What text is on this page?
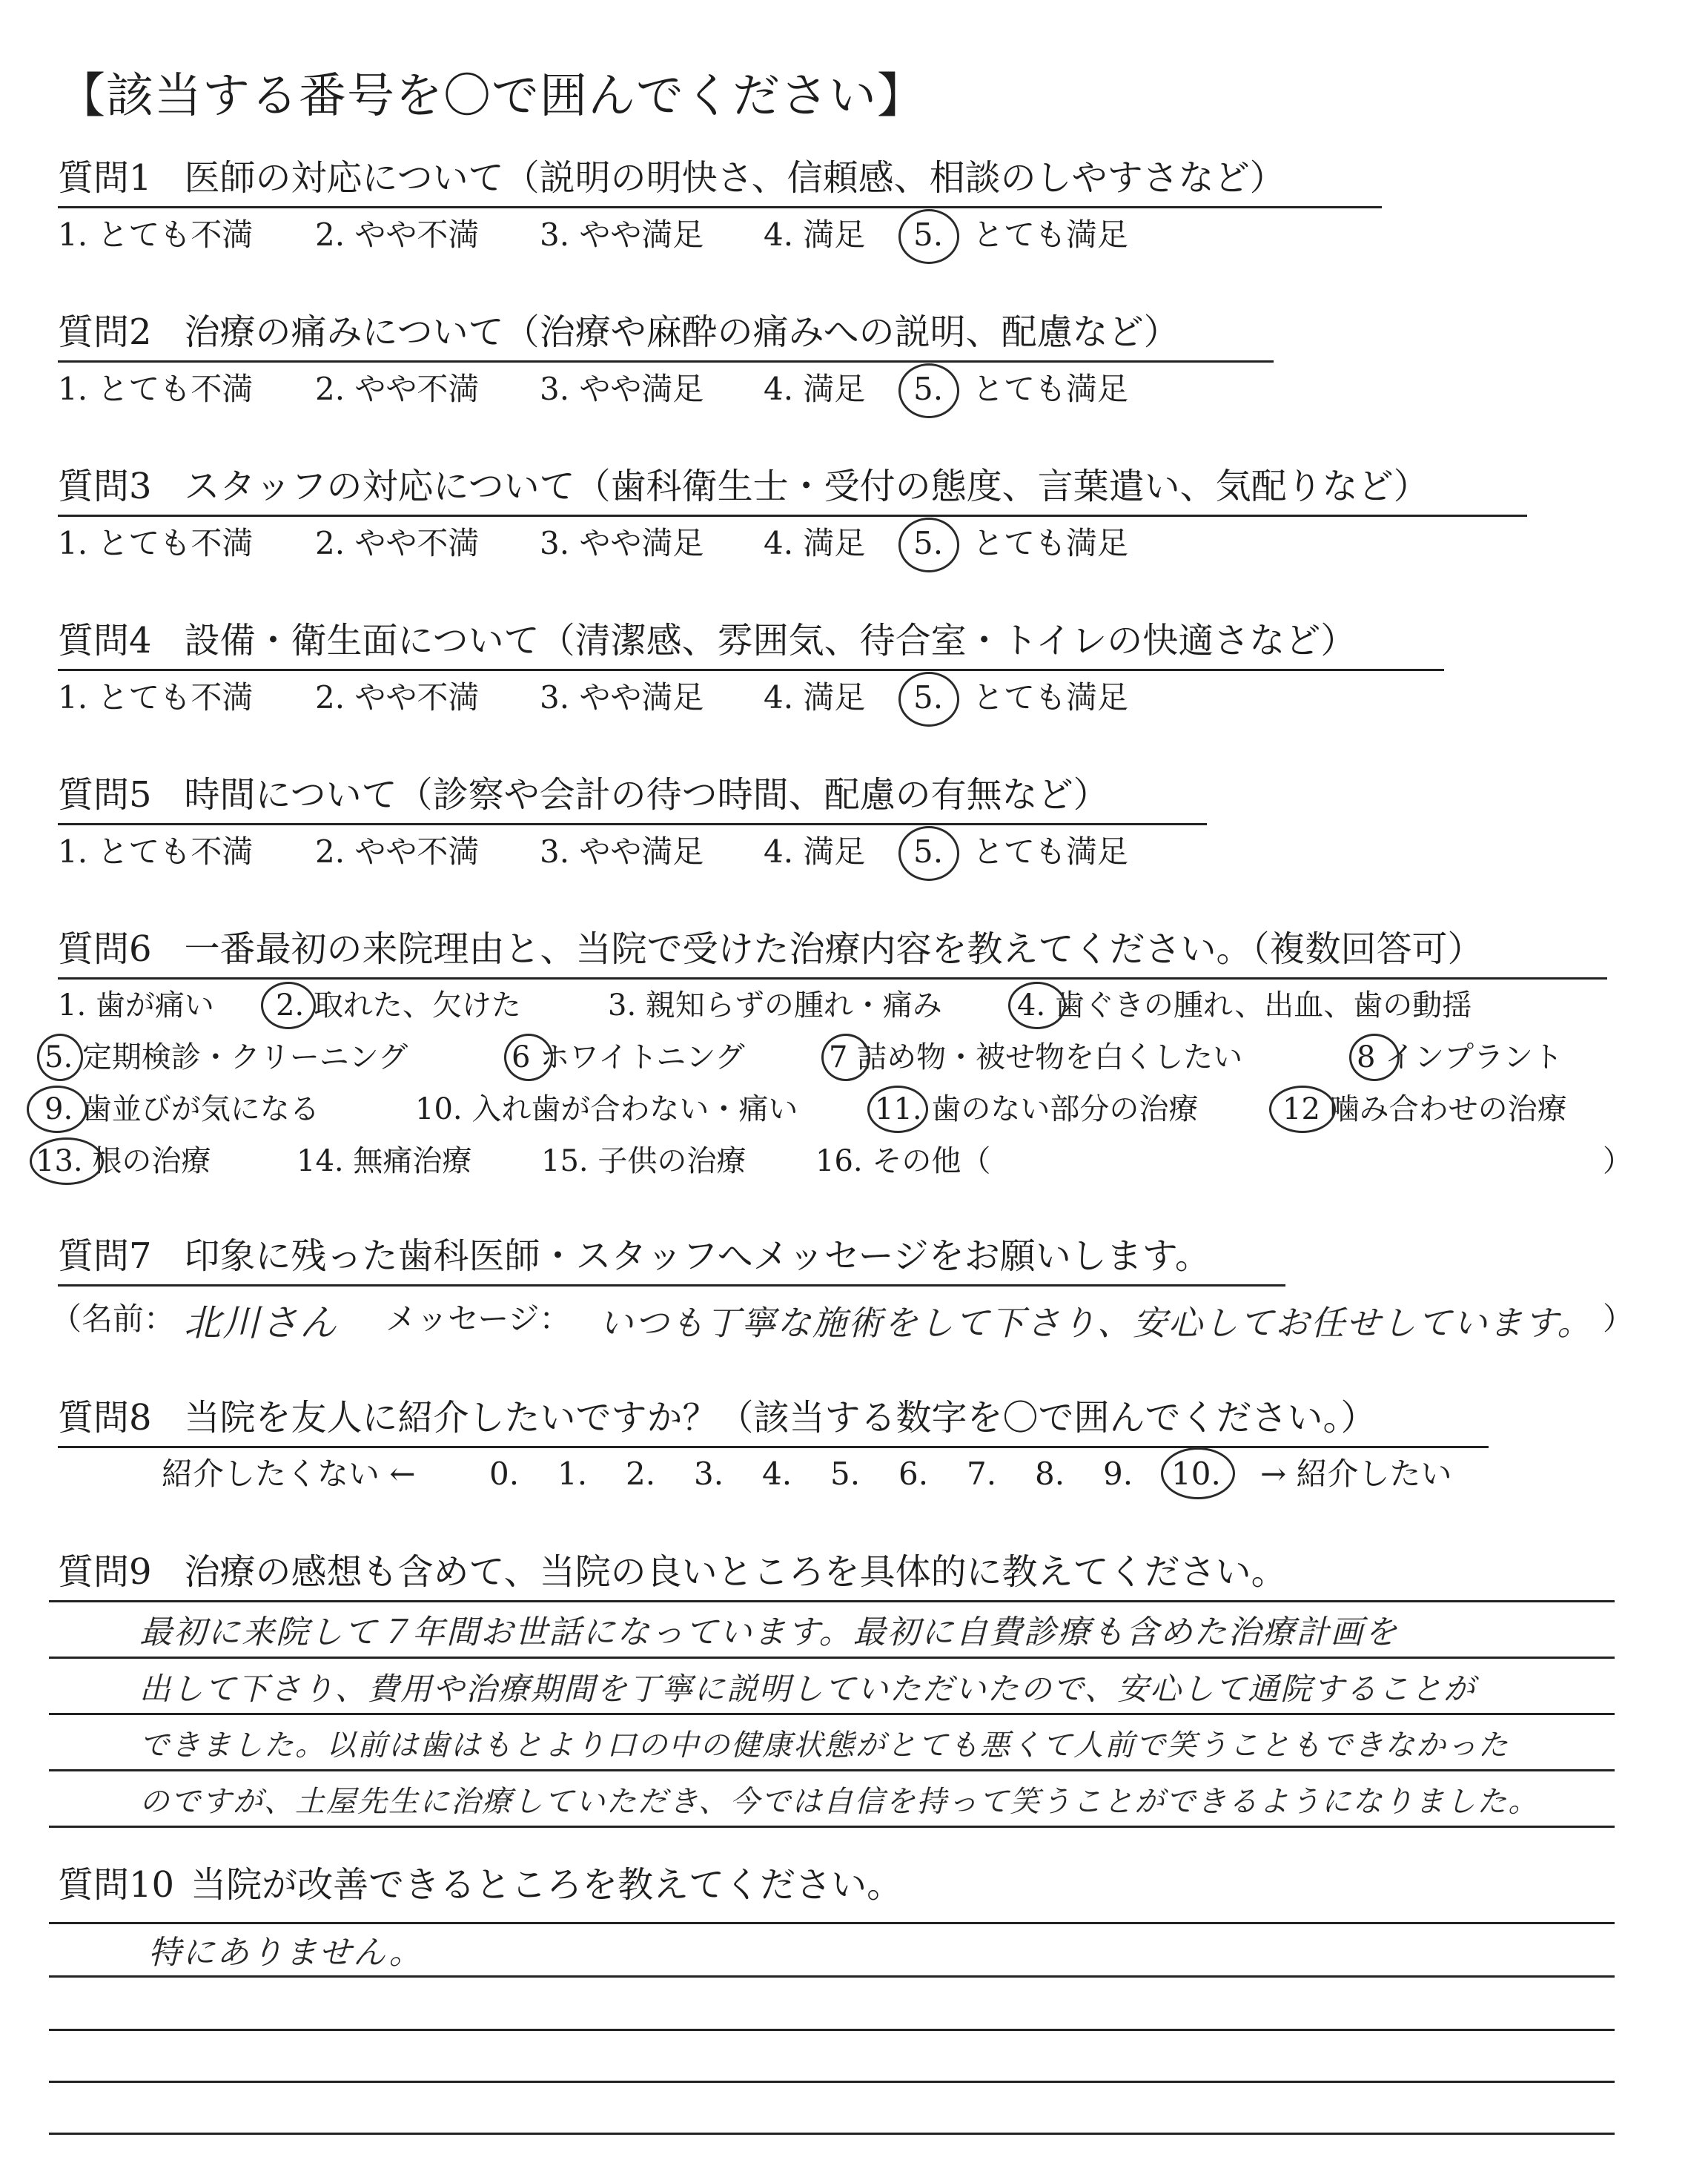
【該当する番号を〇で囲んでください】
質問1 医師の対応について（説明の明快さ、信頼感、相談のしやすさなど）
1. とても不満 2. やや不満 3. やや満足 4. 満足 5. とても満足
質問2 治療の痛みについて（治療や麻酔の痛みへの説明、配慮など）
1. とても不満 2. やや不満 3. やや満足 4. 満足 5. とても満足
質問3 スタッフの対応について（歯科衛生士・受付の態度、言葉遣い、気配りなど）
1. とても不満 2. やや不満 3. やや満足 4. 満足 5. とても満足
質問4 設備・衛生面について（清潔感、雰囲気、待合室・トイレの快適さなど）
1. とても不満 2. やや不満 3. やや満足 4. 満足 5. とても満足
質問5 時間について（診察や会計の待つ時間、配慮の有無など）
1. とても不満 2. やや不満 3. やや満足 4. 満足 5. とても満足
質問6 一番最初の来院理由と、当院で受けた治療内容を教えてください。（複数回答可）
1. 歯が痛い 2. 取れた、欠けた	3. 親知らずの腫れ・痛み	4. 歯ぐきの腫れ、出血、歯の動揺
5. 定期検診・クリーニング	6 ホワイトニング	7 詰め物・被せ物を白くしたい	8 インプラント
9. 歯並びが気になる	10. 入れ歯が合わない・痛い	11. 歯のない部分の治療	12 噛み合わせの治療
13. 根の治療	14. 無痛治療 15. 子供の治療 16. その他（	）
質問7 印象に残った歯科医師・スタッフへメッセージをお願いします。
（名前： 北川さん メッセージ： いつも丁寧な施術をして下さり、安心してお任せしています。 ）
質問8 当院を友人に紹介したいですか？（該当する数字を〇で囲んでください。）
紹介したくない ← 0. 1. 2. 3. 4. 5. 6. 7. 8. 9. 10. → 紹介したい
質問9 治療の感想も含めて、当院の良いところを具体的に教えてください。
最初に来院して７年間お世話になっています。最初に自費診療も含めた治療計画を
出して下さり、費用や治療期間を丁寧に説明していただいたので、安心して通院することが
できました。以前は歯はもとより口の中の健康状態がとても悪くて人前で笑うこともできなかった
のですが、土屋先生に治療していただき、今では自信を持って笑うことができるようになりました。
質問10 当院が改善できるところを教えてください。
特にありません。
